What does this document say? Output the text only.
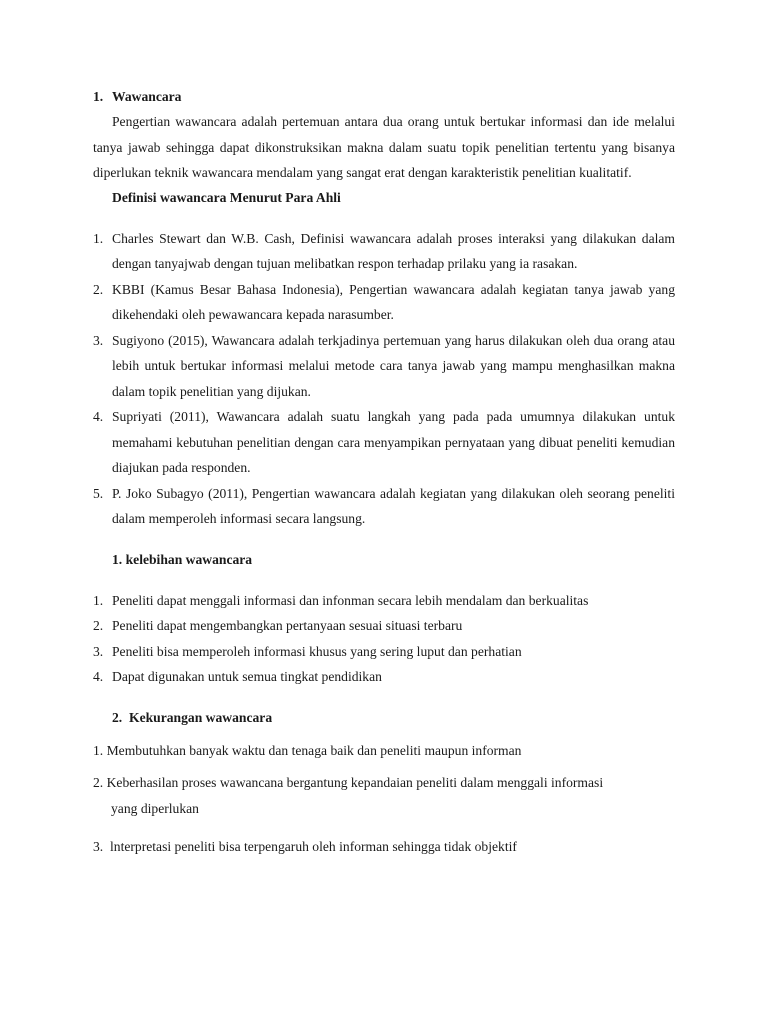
1. Wawancara

Pengertian wawancara adalah pertemuan antara dua orang untuk bertukar informasi dan ide melalui tanya jawab sehingga dapat dikonstruksikan makna dalam suatu topik penelitian tertentu yang bisanya diperlukan teknik wawancara mendalam yang sangat erat dengan karakteristik penelitian kualitatif.

Definisi wawancara Menurut Para Ahli
1. Charles Stewart dan W.B. Cash, Definisi wawancara adalah proses interaksi yang dilakukan dalam dengan tanyajwab dengan tujuan melibatkan respon terhadap prilaku yang ia rasakan.
2. KBBI (Kamus Besar Bahasa Indonesia), Pengertian wawancara adalah kegiatan tanya jawab yang dikehendaki oleh pewawancara kepada narasumber.
3. Sugiyono (2015), Wawancara adalah terkjadinya pertemuan yang harus dilakukan oleh dua orang atau lebih untuk bertukar informasi melalui metode cara tanya jawab yang mampu menghasilkan makna dalam topik penelitian yang dijukan.
4. Supriyati (2011), Wawancara adalah suatu langkah yang pada pada umumnya dilakukan untuk memahami kebutuhan penelitian dengan cara menyampikan pernyataan yang dibuat peneliti kemudian diajukan pada responden.
5. P. Joko Subagyo (2011), Pengertian wawancara adalah kegiatan yang dilakukan oleh seorang peneliti dalam memperoleh informasi secara langsung.
1. kelebihan wawancara
1. Peneliti dapat menggali informasi dan infonman secara lebih mendalam dan berkualitas
2. Peneliti dapat mengembangkan pertanyaan sesuai situasi terbaru
3. Peneliti bisa memperoleh informasi khusus yang sering luput dan perhatian
4. Dapat digunakan untuk semua tingkat pendidikan
2.  Kekurangan wawancara
1. Membutuhkan banyak waktu dan tenaga baik dan peneliti maupun informan
2. Keberhasilan proses wawancana bergantung kepandaian peneliti dalam menggali informasi
yang diperlukan
3.  lnterpretasi peneliti bisa terpengaruh oleh informan sehingga tidak objektif
